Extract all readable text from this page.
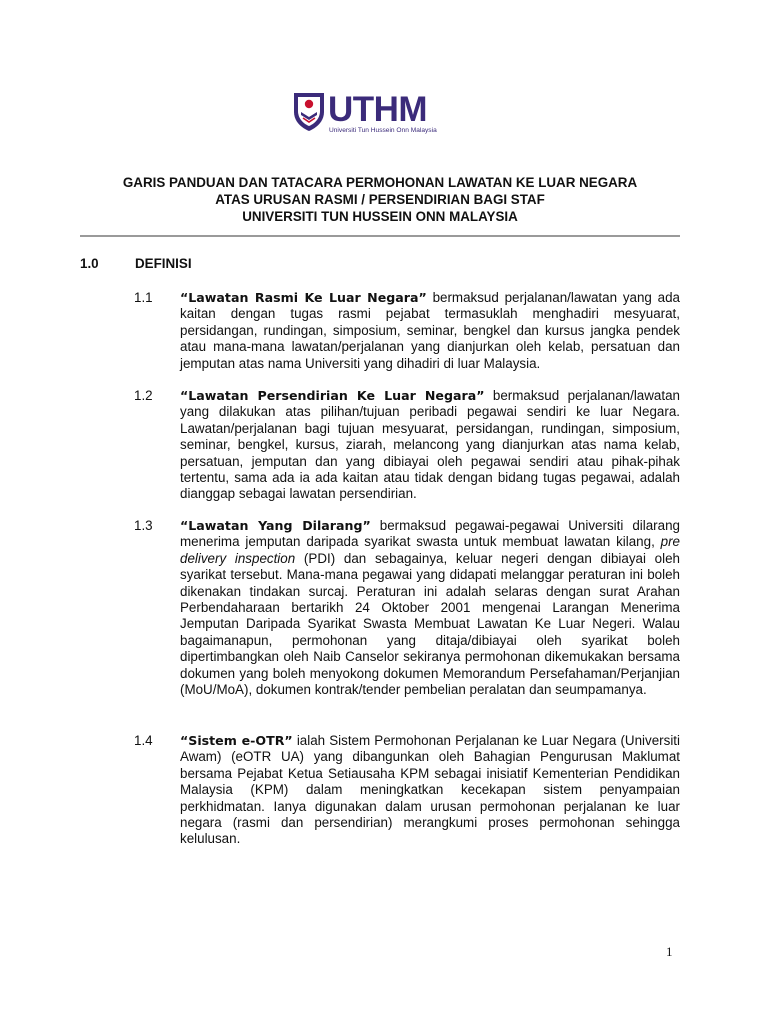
UTHM
Universiti Tun Hussein Onn Malaysia
GARIS PANDUAN DAN TATACARA PERMOHONAN LAWATAN KE LUAR NEGARA
ATAS URUSAN RASMI / PERSENDIRIAN BAGI STAF
UNIVERSITI TUN HUSSEIN ONN MALAYSIA
1.0	DEFINISI
1.1 “Lawatan Rasmi Ke Luar Negara” bermaksud perjalanan/lawatan yang ada kaitan dengan tugas rasmi pejabat termasuklah menghadiri mesyuarat, persidangan, rundingan, simposium, seminar, bengkel dan kursus jangka pendek atau mana-mana lawatan/perjalanan yang dianjurkan oleh kelab, persatuan dan jemputan atas nama Universiti yang dihadiri di luar Malaysia.
1.2 “Lawatan Persendirian Ke Luar Negara” bermaksud perjalanan/lawatan yang dilakukan atas pilihan/tujuan peribadi pegawai sendiri ke luar Negara. Lawatan/perjalanan bagi tujuan mesyuarat, persidangan, rundingan, simposium, seminar, bengkel, kursus, ziarah, melancong yang dianjurkan atas nama kelab, persatuan, jemputan dan yang dibiayai oleh pegawai sendiri atau pihak-pihak tertentu, sama ada ia ada kaitan atau tidak dengan bidang tugas pegawai, adalah dianggap sebagai lawatan persendirian.
1.3 “Lawatan Yang Dilarang” bermaksud pegawai-pegawai Universiti dilarang menerima jemputan daripada syarikat swasta untuk membuat lawatan kilang, pre delivery inspection (PDI) dan sebagainya, keluar negeri dengan dibiayai oleh syarikat tersebut. Mana-mana pegawai yang didapati melanggar peraturan ini boleh dikenakan tindakan surcaj. Peraturan ini adalah selaras dengan surat Arahan Perbendaharaan bertarikh 24 Oktober 2001 mengenai Larangan Menerima Jemputan Daripada Syarikat Swasta Membuat Lawatan Ke Luar Negeri. Walau bagaimanapun, permohonan yang ditaja/dibiayai oleh syarikat boleh dipertimbangkan oleh Naib Canselor sekiranya permohonan dikemukakan bersama dokumen yang boleh menyokong dokumen Memorandum Persefahaman/Perjanjian (MoU/MoA), dokumen kontrak/tender pembelian peralatan dan seumpamanya.
1.4 “Sistem e-OTR” ialah Sistem Permohonan Perjalanan ke Luar Negara (Universiti Awam) (eOTR UA) yang dibangunkan oleh Bahagian Pengurusan Maklumat bersama Pejabat Ketua Setiausaha KPM sebagai inisiatif Kementerian Pendidikan Malaysia (KPM) dalam meningkatkan kecekapan sistem penyampaian perkhidmatan. Ianya digunakan dalam urusan permohonan perjalanan ke luar negara (rasmi dan persendirian) merangkumi proses permohonan sehingga kelulusan.
1
